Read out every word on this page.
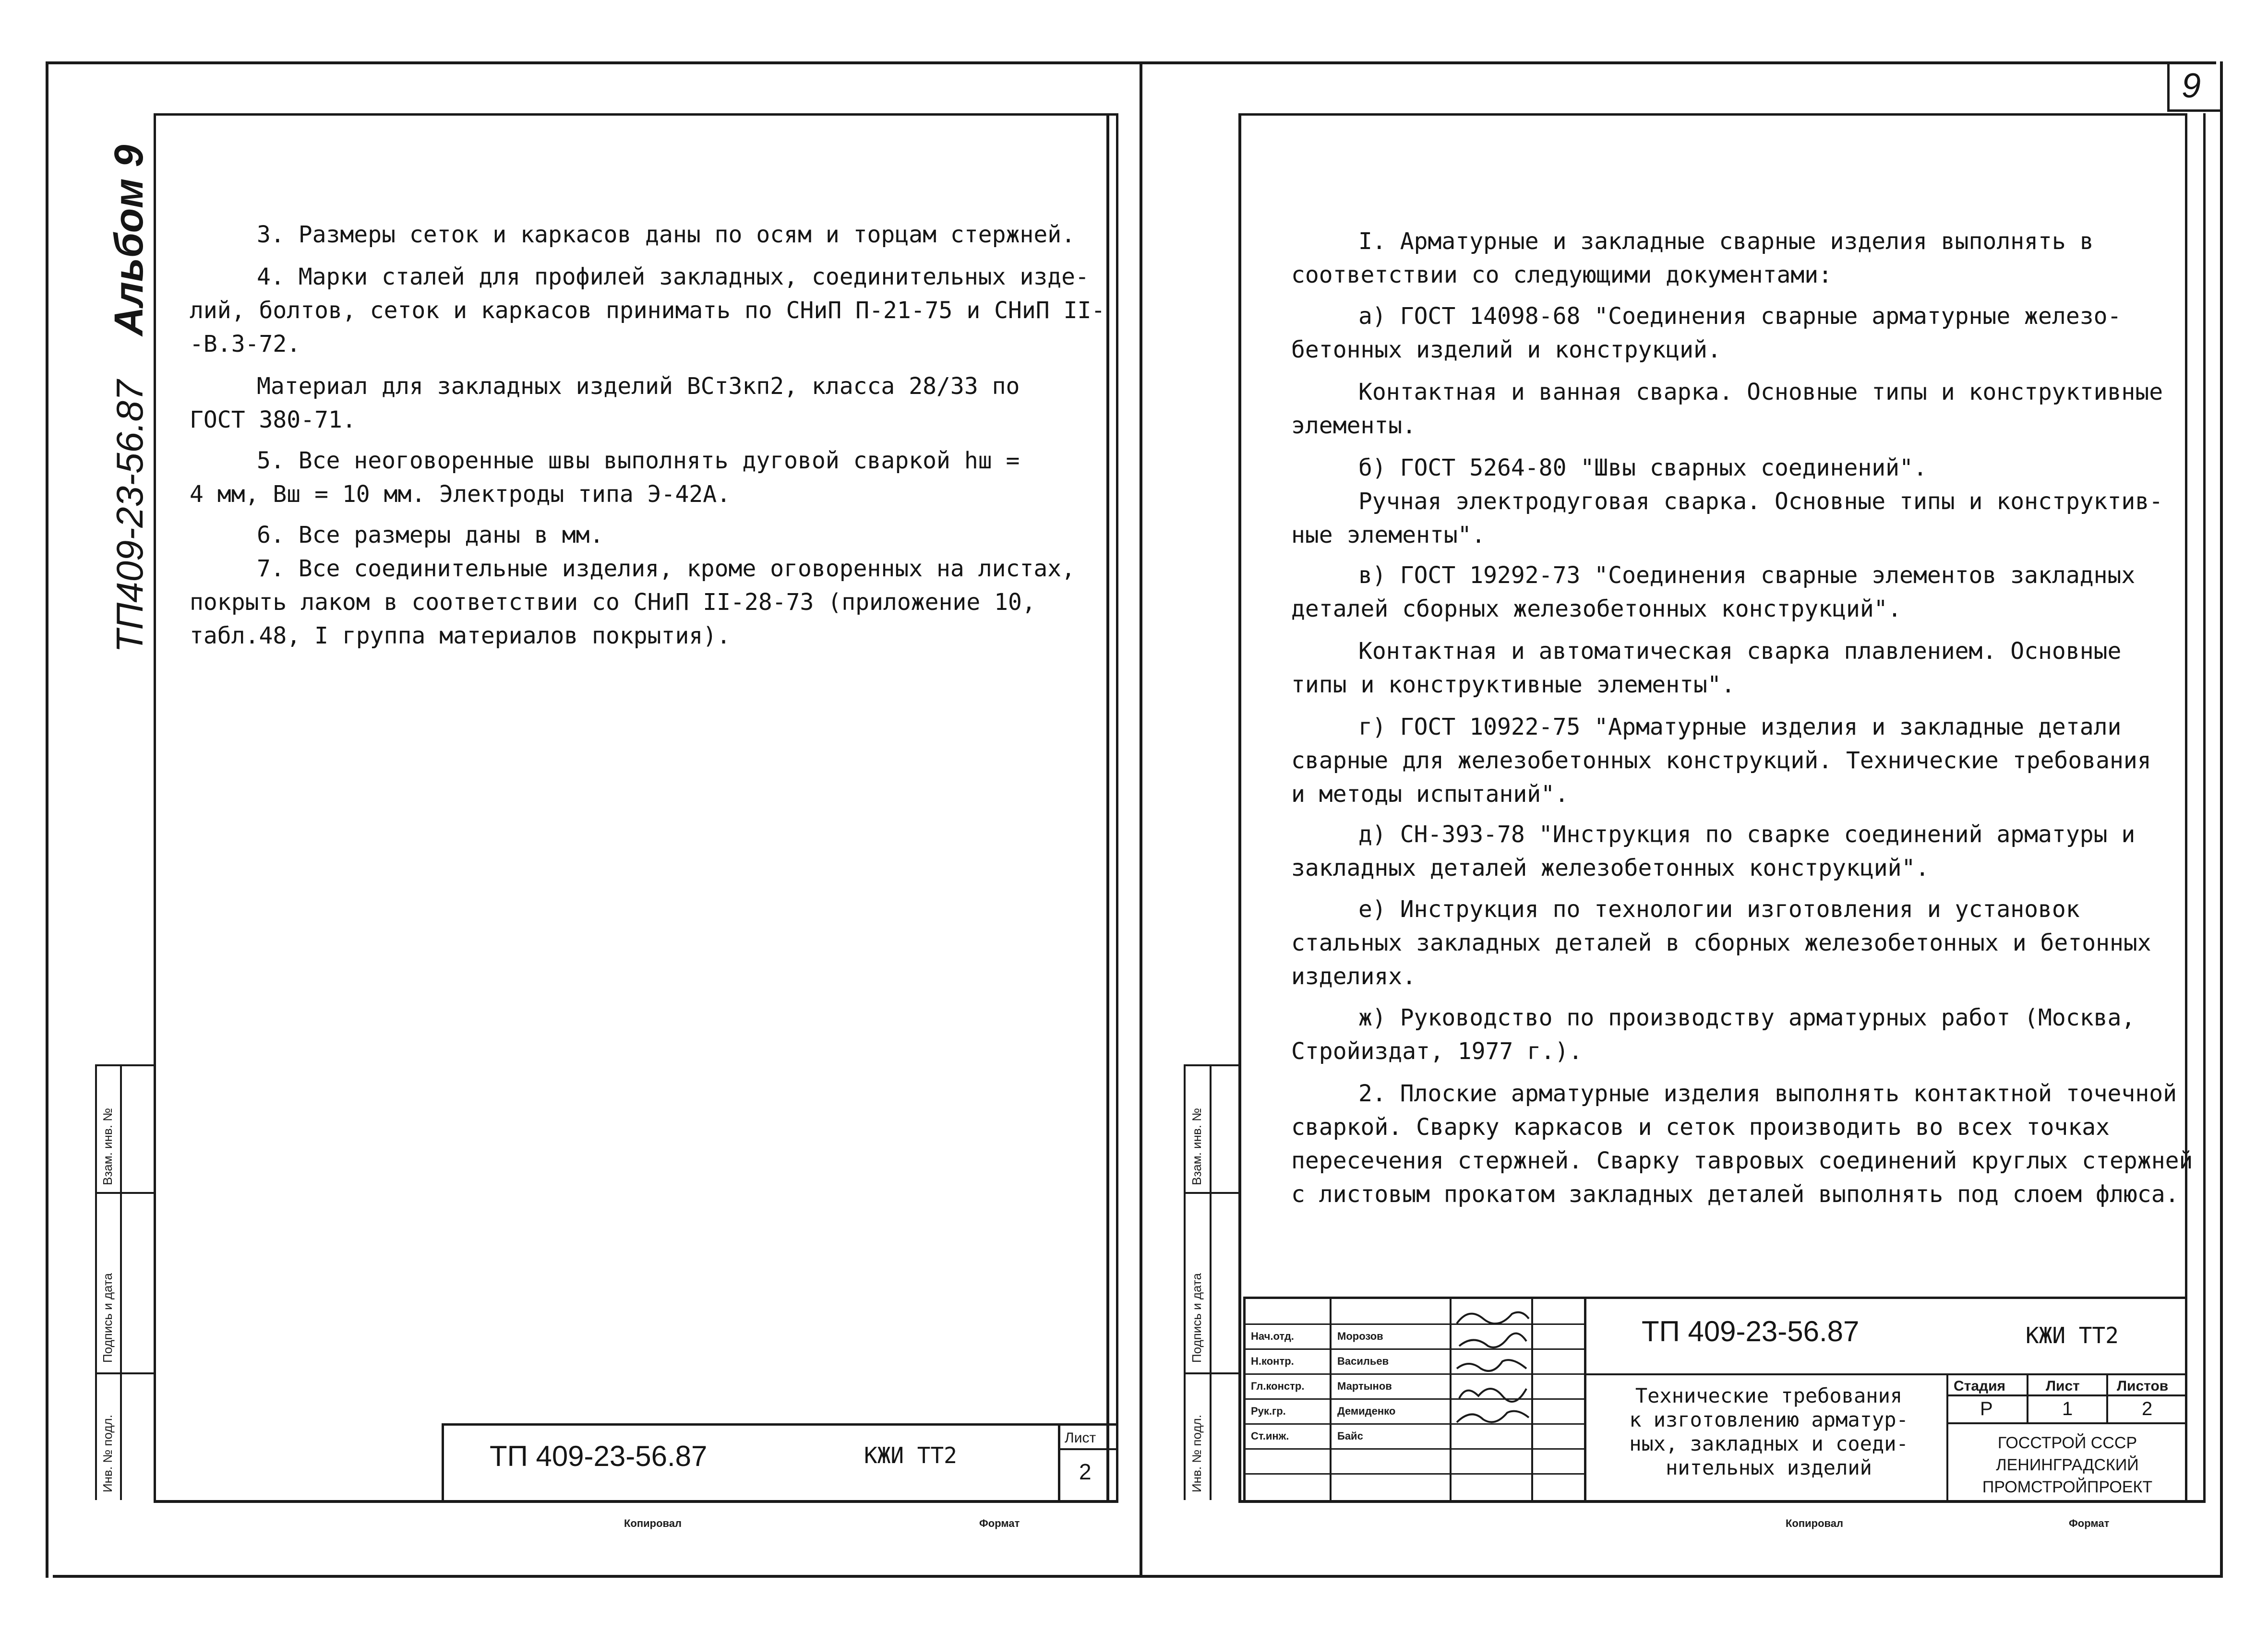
Альбом 9
ТП409-23-56.87
Взам. инв. №
Подпись и дата
Инв. № подл.
3. Размеры сеток и каркасов даны по осям и торцам стержней.
4. Марки сталей для профилей закладных, соединительных изде-
лий, болтов, сеток и каркасов принимать по СНиП П-21-75 и СНиП II-
-В.3-72.
Материал для закладных изделий ВСт3кп2, класса 28/33 по
ГОСТ 380-71.
5. Все неоговоренные швы выполнять дуговой сваркой hш =
4 мм, Вш = 10 мм. Электроды типа Э-42А.
6. Все размеры даны в мм.
7. Все соединительные изделия, кроме оговоренных на листах,
покрыть лаком в соответствии со СНиП II-28-73 (приложение 10,
табл.48, I группа материалов покрытия).
ТП 409-23-56.87	КЖИ ТТ2
Лист
2
Копировал	Формат
9
Взам. инв. №
Подпись и дата
Инв. № подл.
I. Арматурные и закладные сварные изделия выполнять в
соответствии со следующими документами:
а) ГОСТ 14098-68 "Соединения сварные арматурные железо-
бетонных изделий и конструкций.
Контактная и ванная сварка. Основные типы и конструктивные
элементы.
б) ГОСТ 5264-80 "Швы сварных соединений".
Ручная электродуговая сварка. Основные типы и конструктив-
ные элементы".
в) ГОСТ 19292-73 "Соединения сварные элементов закладных
деталей сборных железобетонных конструкций".
Контактная и автоматическая сварка плавлением. Основные
типы и конструктивные элементы".
г) ГОСТ 10922-75 "Арматурные изделия и закладные детали
сварные для железобетонных конструкций. Технические требования
и методы испытаний".
д) СН-393-78 "Инструкция по сварке соединений арматуры и
закладных деталей железобетонных конструкций".
е) Инструкция по технологии изготовления и установок
стальных закладных деталей в сборных железобетонных и бетонных
изделиях.
ж) Руководство по производству арматурных работ (Москва,
Стройиздат, 1977 г.).
2. Плоские арматурные изделия выполнять контактной точечной
сваркой. Сварку каркасов и сеток производить во всех точках
пересечения стержней. Сварку тавровых соединений круглых стержней
с листовым прокатом закладных деталей выполнять под слоем флюса.
Нач.отд.	Морозов
Н.контр.	Васильев
Гл.констр.	Мартынов
Рук.гр.	Демиденко
Ст.инж.	Байс
ТП 409-23-56.87	КЖИ ТТ2
Технические требования
к изготовлению арматур-
ных, закладных и соеди-
нительных изделий
Стадия	Лист	Листов
Р	1	2
ГОССТРОЙ СССР
ЛЕНИНГРАДСКИЙ
ПРОМСТРОЙПРОЕКТ
Копировал	Формат
